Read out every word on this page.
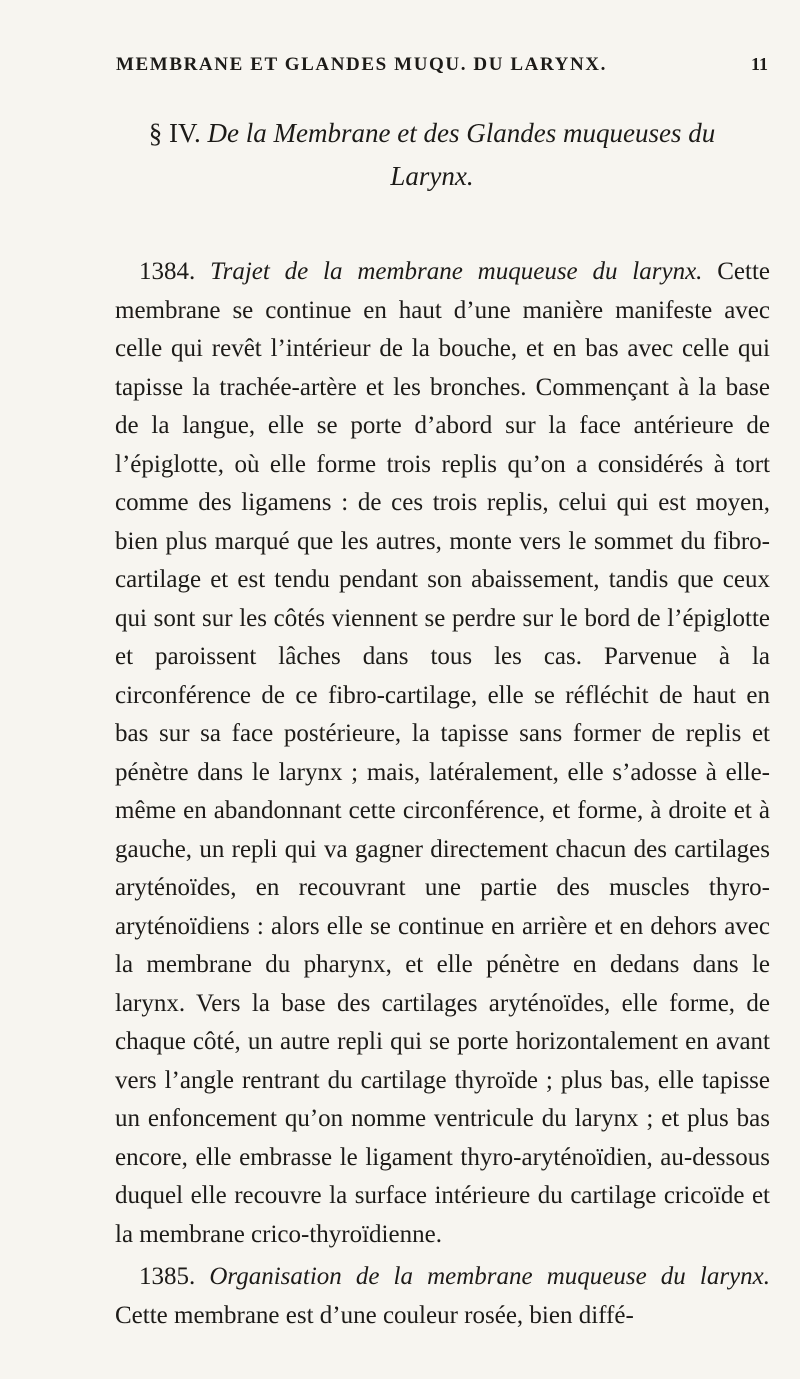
MEMBRANE ET GLANDES MUQU. DU LARYNX.	11
§ IV. De la Membrane et des Glandes muqueuses du Larynx.

1384. Trajet de la membrane muqueuse du larynx. Cette membrane se continue en haut d’une manière manifeste avec celle qui revêt l’intérieur de la bouche, et en bas avec celle qui tapisse la trachée-artère et les bronches. Commençant à la base de la langue, elle se porte d’abord sur la face antérieure de l’épiglotte, où elle forme trois replis qu’on a considérés à tort comme des ligamens : de ces trois replis, celui qui est moyen, bien plus marqué que les autres, monte vers le sommet du fibro-cartilage et est tendu pendant son abaissement, tandis que ceux qui sont sur les côtés viennent se perdre sur le bord de l’épiglotte et paroissent lâches dans tous les cas. Parvenue à la circonférence de ce fibro-cartilage, elle se réfléchit de haut en bas sur sa face postérieure, la tapisse sans former de replis et pénètre dans le larynx ; mais, latéralement, elle s’adosse à elle-même en abandonnant cette circonférence, et forme, à droite et à gauche, un repli qui va gagner directement chacun des cartilages aryténoïdes, en recouvrant une partie des muscles thyro-aryténoïdiens : alors elle se continue en arrière et en dehors avec la membrane du pharynx, et elle pénètre en dedans dans le larynx. Vers la base des cartilages aryténoïdes, elle forme, de chaque côté, un autre repli qui se porte horizontalement en avant vers l’angle rentrant du cartilage thyroïde ; plus bas, elle tapisse un enfoncement qu’on nomme ventricule du larynx ; et plus bas encore, elle embrasse le ligament thyro-aryténoïdien, au-dessous duquel elle recouvre la surface intérieure du cartilage cricoïde et la membrane crico-thyroïdienne.

1385. Organisation de la membrane muqueuse du larynx. Cette membrane est d’une couleur rosée, bien diffé-
